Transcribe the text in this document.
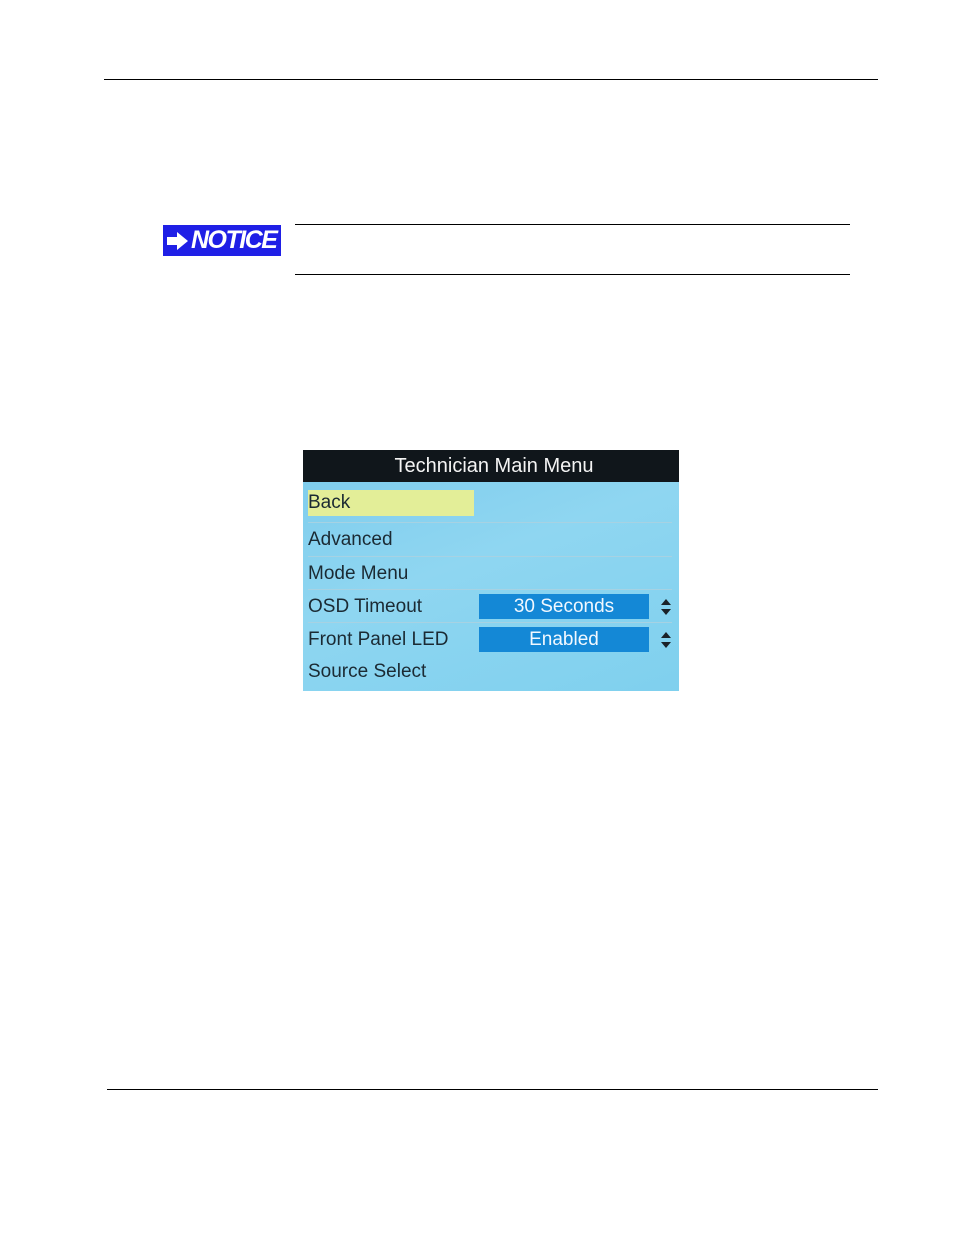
NOTICE
Technician Main Menu
Back
Advanced
Mode Menu
OSD Timeout	30 Seconds
Front Panel LED	Enabled
Source Select
